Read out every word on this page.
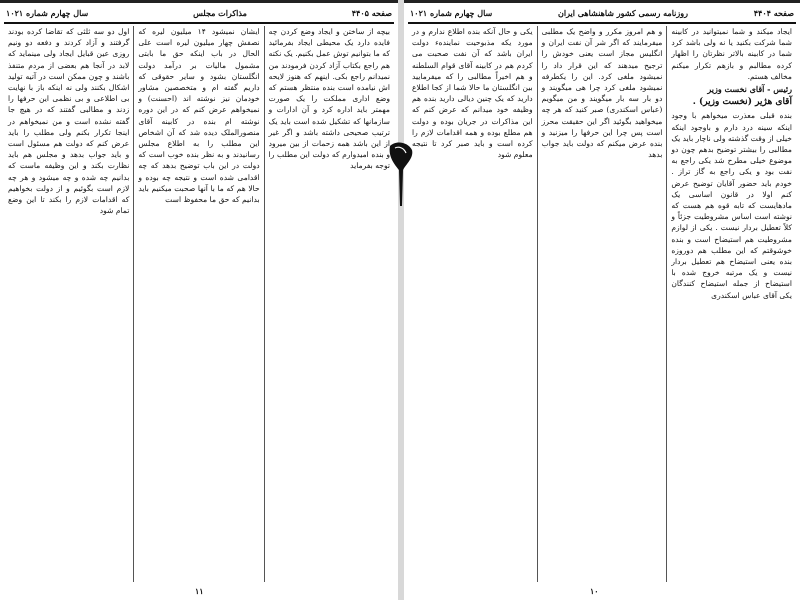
صفحه ۴۴۰۵
مذاکرات مجلس
سال چهارم شماره ۱۰۲۱

بیچه از ساختن و ایجاد وضع کردن چه فایده دارد یک محیطی ایجاد بفرمائید که ما بتوانیم توش عمل بکنیم. یک نکته هم راجع بکتاب آزاد کردن فرمودند من نمیدانم راجع بکی. اینهم که هنوز لایحه اش نیامده است بنده منتظر هستم که وضع اداری مملکت را یک صورت مهمتر باید اداره کرد و آن ادارات و سازمانها که تشکیل شده است باید یک ترتیب صحیحی داشته باشد و اگر غیر از این باشد همه زحمات از بین میرود و بنده امیدوارم که دولت این مطلب را توجه بفرماید

ایشان نمیشود ۱۴ میلیون لیره که نصفش چهار میلیون لیره است علی الحال در باب اینکه حق ما بابتی مشمول مالیات بر درآمد دولت انگلستان بشود و سایر حقوقی که داریم گفته ام و متخصصین مشاور خودمان نیز نوشته اند (احسنت) و نمیخواهم عرض کنم که در این دوره نوشته ام بنده در کابینه آقای منصورالملک دیده شد که آن اشخاص این مطلب را به اطلاع مجلس رسانیدند و به نظر بنده خوب است که دولت در این باب توضیح بدهد که چه اقدامی شده است و نتیجه چه بوده و حالا هم که ما با آنها صحبت میکنیم باید بدانیم که حق ما محفوظ است

اول دو سه ثلثی که تقاضا کرده بودند گرفتند و آزاد کردند و دفعه دو ونیم روزی عین قبایل ایجاد ولی مینماید که لابد در آنجا هم بعضی از مردم متنفذ باشند و چون ممکن است در آتیه تولید اشکال بکنند ولی نه اینکه باز با نهایت بی اطلاعی و بی نظمی این حرفها را زدند و مطالبی گفتند که در هیچ جا گفته نشده است و من نمیخواهم در اینجا تکرار بکنم ولی مطلب را باید عرض کنم که دولت هم مسئول است و باید جواب بدهد و مجلس هم باید نظارت بکند و این وظیفه ماست که بدانیم چه شده و چه میشود و هر چه لازم است بگوئیم و از دولت بخواهیم که اقدامات لازم را بکند تا این وضع تمام شود

۱۱
صفحه ۴۴۰۴
روزنامه رسمی کشور شاهنشاهی ایران
سال چهارم شماره ۱۰۲۱

ایجاد میکند و شما نمیتوانید در کابینه شما شرکت بکنید یا نه ولی باشد کرد شما در کابینه بالاتر نظرتان را اظهار کرده مطالبم و بازهم تکرار میکنم مخالف هستم.

رئیس - آقای نخست وزیر

آقای هژیر (نخست وزیر) .

بنده قبلی معذرت میخواهم با وجود اینکه سینه درد دارم و باوجود اینکه خیلی از وقت گذشته ولی ناچار باید یک مطالبی را بیشتر توضیح بدهم چون دو موضوع خیلی مطرح شد یکی راجع به نفت بود و یکی راجع به گاز تراز . خودم باید حضور آقایان توضیح عرض کنم اولا در قانون اساسی یک مادهایست که تابه قوه هم هست که نوشته است اساس مشروطیت جزئاً و کلاً تعطیل بردار نیست . یکی از لوازم مشروطیت هم استیضاح است و بنده خوشوقتم که این مطلب هم دوروزه بنده یعنی استیضاح هم تعطیل بردار نیست و یک مرتبه خروج شده با استیضاح از جمله استیضاح کنندگان یکی آقای عباس اسکندری

و هم امروز مکرر و واضح یک مطلبی میفرمایند که اگر شر آن نفت ایران و انگلیس مجاز است یعنی خودش را ترجیح میدهند که این قرار داد را نمیشود ملغی کرد. این را یکطرفه نمیشود ملغی کرد چرا هی میگویند و دو بار سه بار میگویند و من میگویم (عباس اسکندری) صبر کنید که هر چه میخواهید بگوئید اگر این حقیقت محرز است پس چرا این حرفها را میزنید و بنده عرض میکنم که دولت باید جواب بدهد

یکی و حال آنکه بنده اطلاع ندارم و در مورد یکه مذبوحیت نمایندهء دولت ایران باشد که آن نفت صحبت می کردم هم در کابینه آقای قوام السلطنه و هم اخیراً مطالبی را که میفرمایید بین انگلستان ما حالا شما از کجا اطلاع دارید که یک چنین دیالی دارید بنده هم وظیفه خود میدانم که عرض کنم که این مذاکرات در جریان بوده و دولت هم مطلع بوده و همه اقدامات لازم را کرده است و باید صبر کرد تا نتیجه معلوم شود

۱۰
